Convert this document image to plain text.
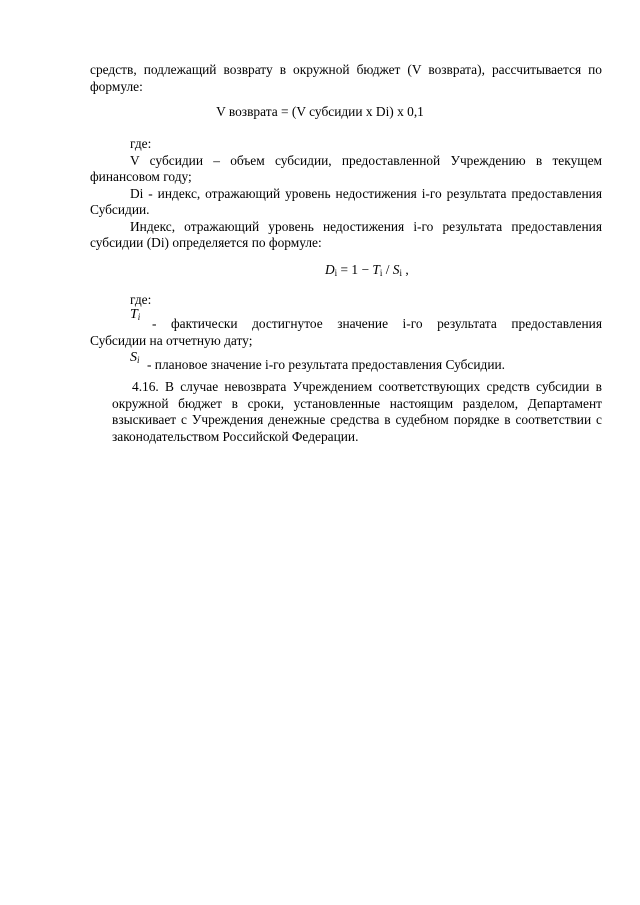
средств, подлежащий возврату в окружной бюджет (V возврата), рассчитывается по формуле:

V возврата = (V субсидии х Di) х 0,1

где:

V субсидии – объем субсидии, предоставленной Учреждению в текущем финансовом году;

Di - индекс, отражающий уровень недостижения i-го результата предоставления Субсидии.

Индекс, отражающий уровень недостижения i-го результата предоставления субсидии (Di) определяется по формуле:

$D_i = 1 - T_i / S_i$ ,

где:

$T_i$ - фактически достигнутое значение i-го результата предоставления
Субсидии на отчетную дату;
$S_i$ - плановое значение i-го результата предоставления Субсидии.

4.16. В случае невозврата Учреждением соответствующих средств субсидии в окружной бюджет в сроки, установленные настоящим разделом, Департамент взыскивает с Учреждения денежные средства в судебном порядке в соответствии с законодательством Российской Федерации.
